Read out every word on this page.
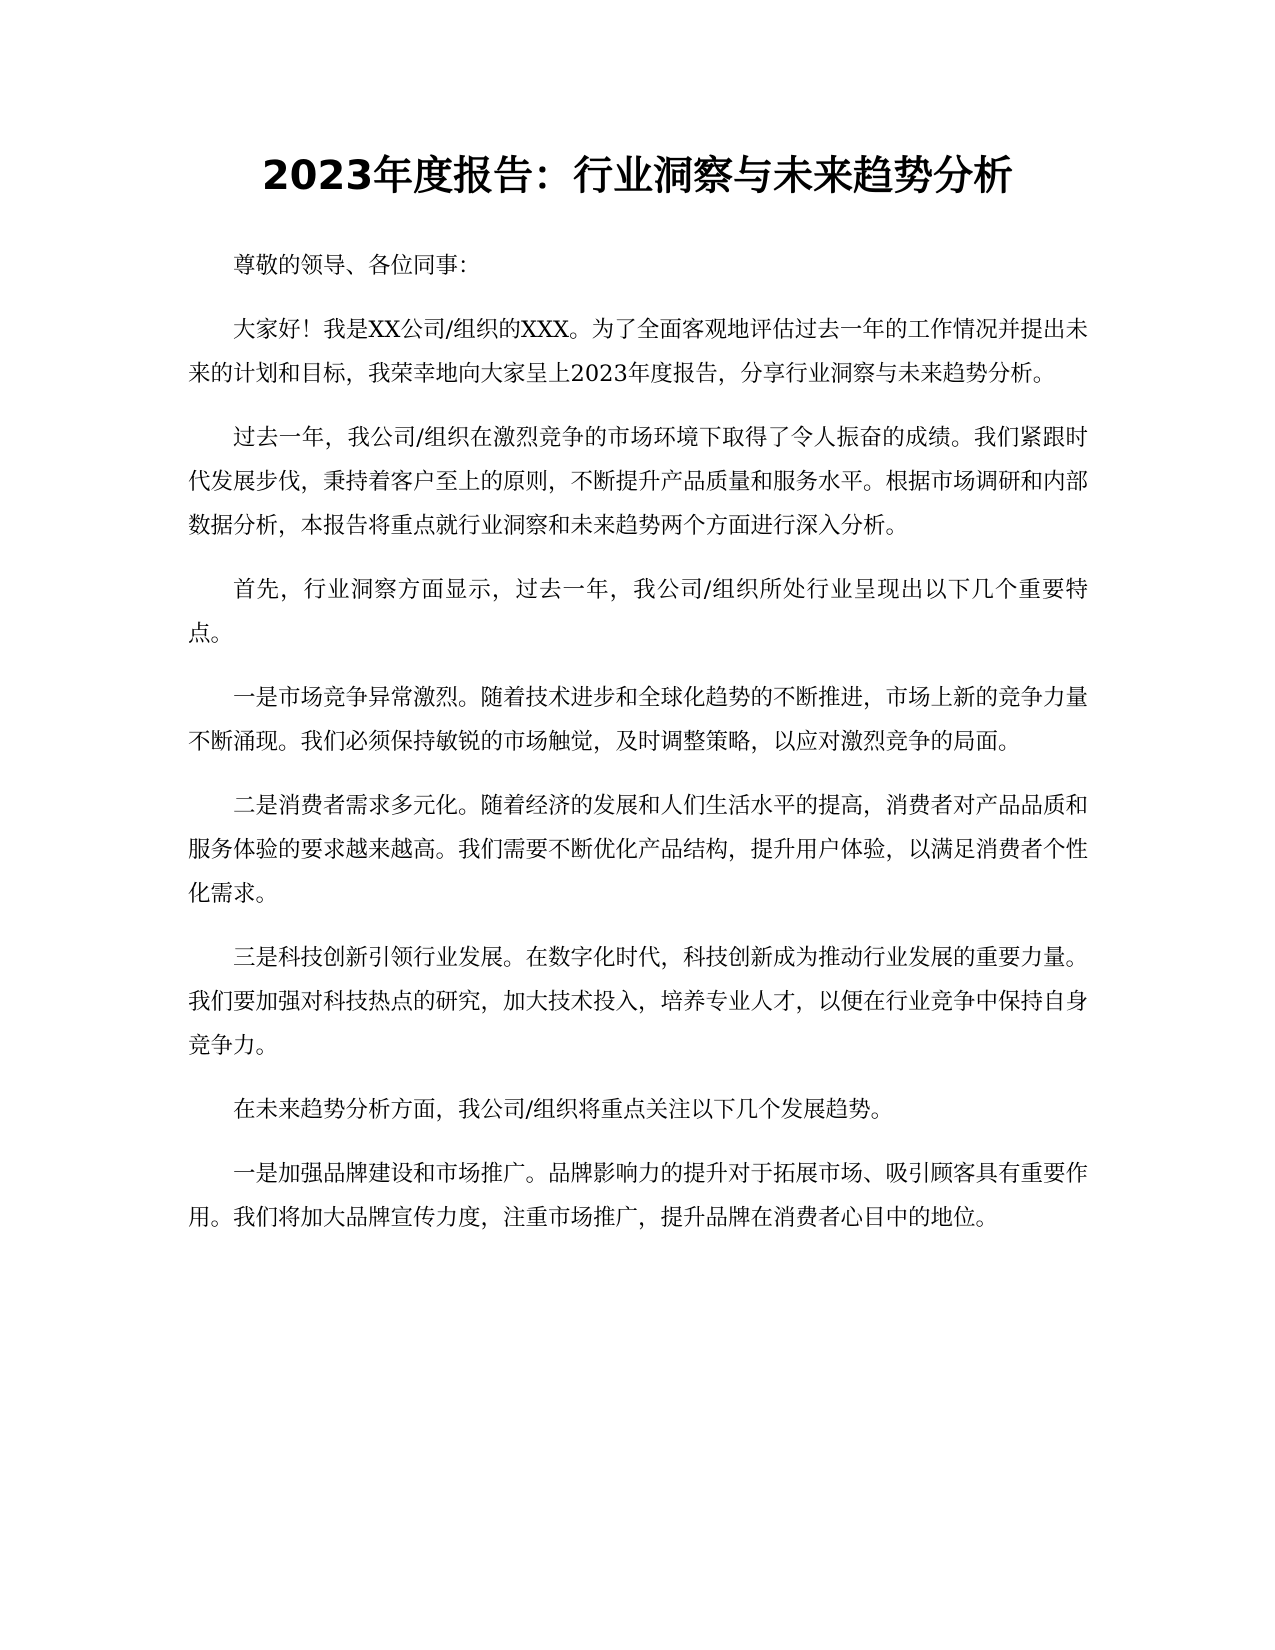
2023年度报告：行业洞察与未来趋势分析

尊敬的领导、各位同事：

大家好！我是XX公司/组织的XXX。为了全面客观地评估过去一年的工作情况并提出未来的计划和目标，我荣幸地向大家呈上2023年度报告，分享行业洞察与未来趋势分析。

过去一年，我公司/组织在激烈竞争的市场环境下取得了令人振奋的成绩。我们紧跟时代发展步伐，秉持着客户至上的原则，不断提升产品质量和服务水平。根据市场调研和内部数据分析，本报告将重点就行业洞察和未来趋势两个方面进行深入分析。

首先，行业洞察方面显示，过去一年，我公司/组织所处行业呈现出以下几个重要特点。

一是市场竞争异常激烈。随着技术进步和全球化趋势的不断推进，市场上新的竞争力量不断涌现。我们必须保持敏锐的市场触觉，及时调整策略，以应对激烈竞争的局面。

二是消费者需求多元化。随着经济的发展和人们生活水平的提高，消费者对产品品质和服务体验的要求越来越高。我们需要不断优化产品结构，提升用户体验，以满足消费者个性化需求。

三是科技创新引领行业发展。在数字化时代，科技创新成为推动行业发展的重要力量。我们要加强对科技热点的研究，加大技术投入，培养专业人才，以便在行业竞争中保持自身竞争力。

在未来趋势分析方面，我公司/组织将重点关注以下几个发展趋势。

一是加强品牌建设和市场推广。品牌影响力的提升对于拓展市场、吸引顾客具有重要作用。我们将加大品牌宣传力度，注重市场推广，提升品牌在消费者心目中的地位。
